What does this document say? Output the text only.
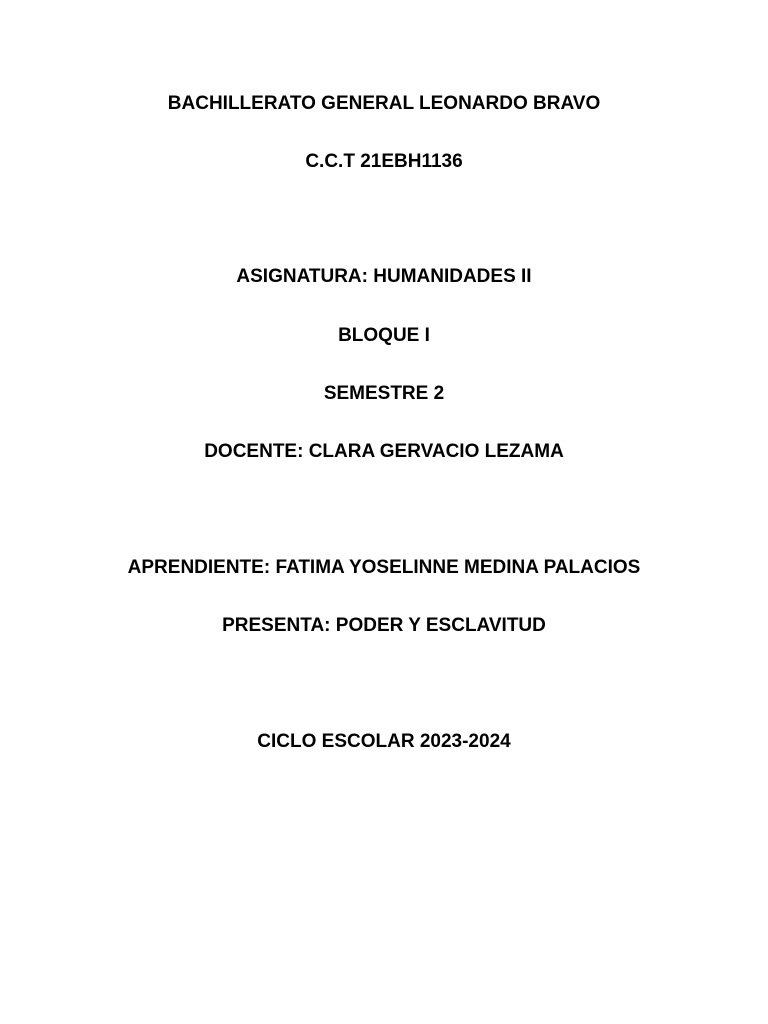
BACHILLERATO GENERAL LEONARDO BRAVO
C.C.T 21EBH1136
ASIGNATURA: HUMANIDADES II
BLOQUE I
SEMESTRE 2
DOCENTE: CLARA GERVACIO LEZAMA
APRENDIENTE: FATIMA YOSELINNE MEDINA PALACIOS
PRESENTA: PODER Y ESCLAVITUD
CICLO ESCOLAR 2023-2024
